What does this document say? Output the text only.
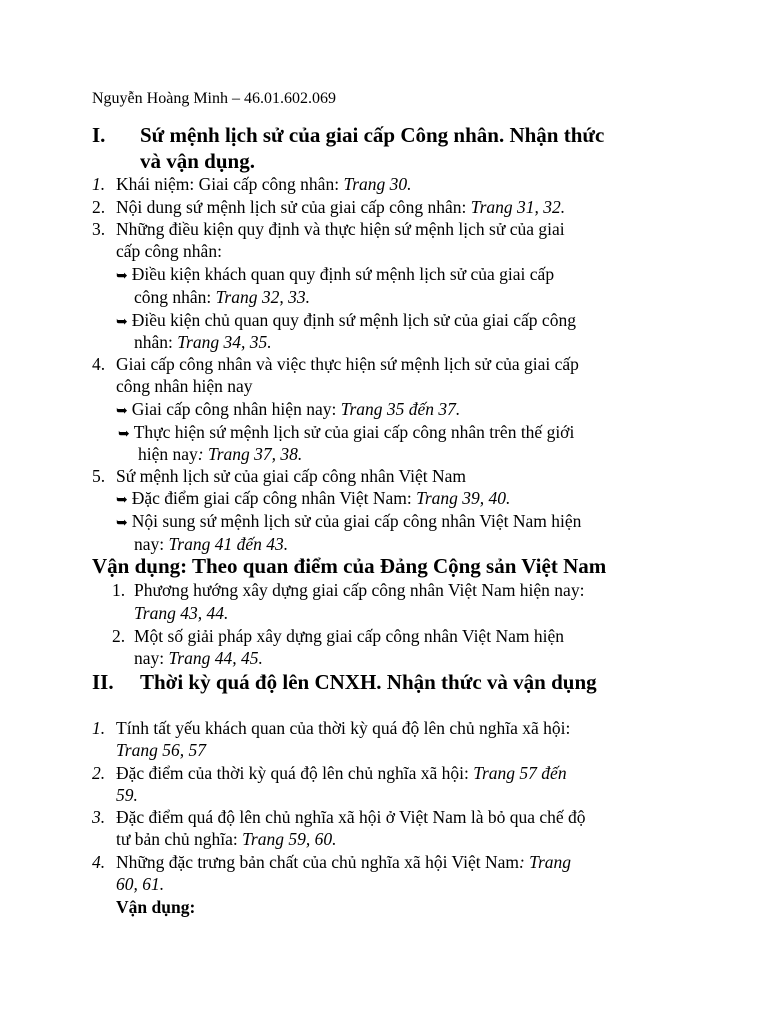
Nguyễn Hoàng Minh – 46.01.602.069
I. Sứ mệnh lịch sử của giai cấp Công nhân. Nhận thức
và vận dụng.
1. Khái niệm: Giai cấp công nhân: Trang 30.
2. Nội dung sứ mệnh lịch sử của giai cấp công nhân: Trang 31, 32.
3. Những điều kiện quy định và thực hiện sứ mệnh lịch sử của giai
cấp công nhân:
➥ Điều kiện khách quan quy định sứ mệnh lịch sử của giai cấp
công nhân: Trang 32, 33.
➥ Điều kiện chủ quan quy định sứ mệnh lịch sử của giai cấp công
nhân: Trang 34, 35.
4. Giai cấp công nhân và việc thực hiện sứ mệnh lịch sử của giai cấp
công nhân hiện nay
➥ Giai cấp công nhân hiện nay: Trang 35 đến 37.
➥ Thực hiện sứ mệnh lịch sử của giai cấp công nhân trên thế giới
hiện nay: Trang 37, 38.
5. Sứ mệnh lịch sử của giai cấp công nhân Việt Nam
➥ Đặc điểm giai cấp công nhân Việt Nam: Trang 39, 40.
➥ Nội sung sứ mệnh lịch sử của giai cấp công nhân Việt Nam hiện
nay: Trang 41 đến 43.
Vận dụng: Theo quan điểm của Đảng Cộng sản Việt Nam
1. Phương hướng xây dựng giai cấp công nhân Việt Nam hiện nay:
Trang 43, 44.
2. Một số giải pháp xây dựng giai cấp công nhân Việt Nam hiện
nay: Trang 44, 45.
II. Thời kỳ quá độ lên CNXH. Nhận thức và vận dụng
1. Tính tất yếu khách quan của thời kỳ quá độ lên chủ nghĩa xã hội:
Trang 56, 57
2. Đặc điểm của thời kỳ quá độ lên chủ nghĩa xã hội: Trang 57 đến
59.
3. Đặc điểm quá độ lên chủ nghĩa xã hội ở Việt Nam là bỏ qua chế độ
tư bản chủ nghĩa: Trang 59, 60.
4. Những đặc trưng bản chất của chủ nghĩa xã hội Việt Nam: Trang
60, 61.
Vận dụng:
